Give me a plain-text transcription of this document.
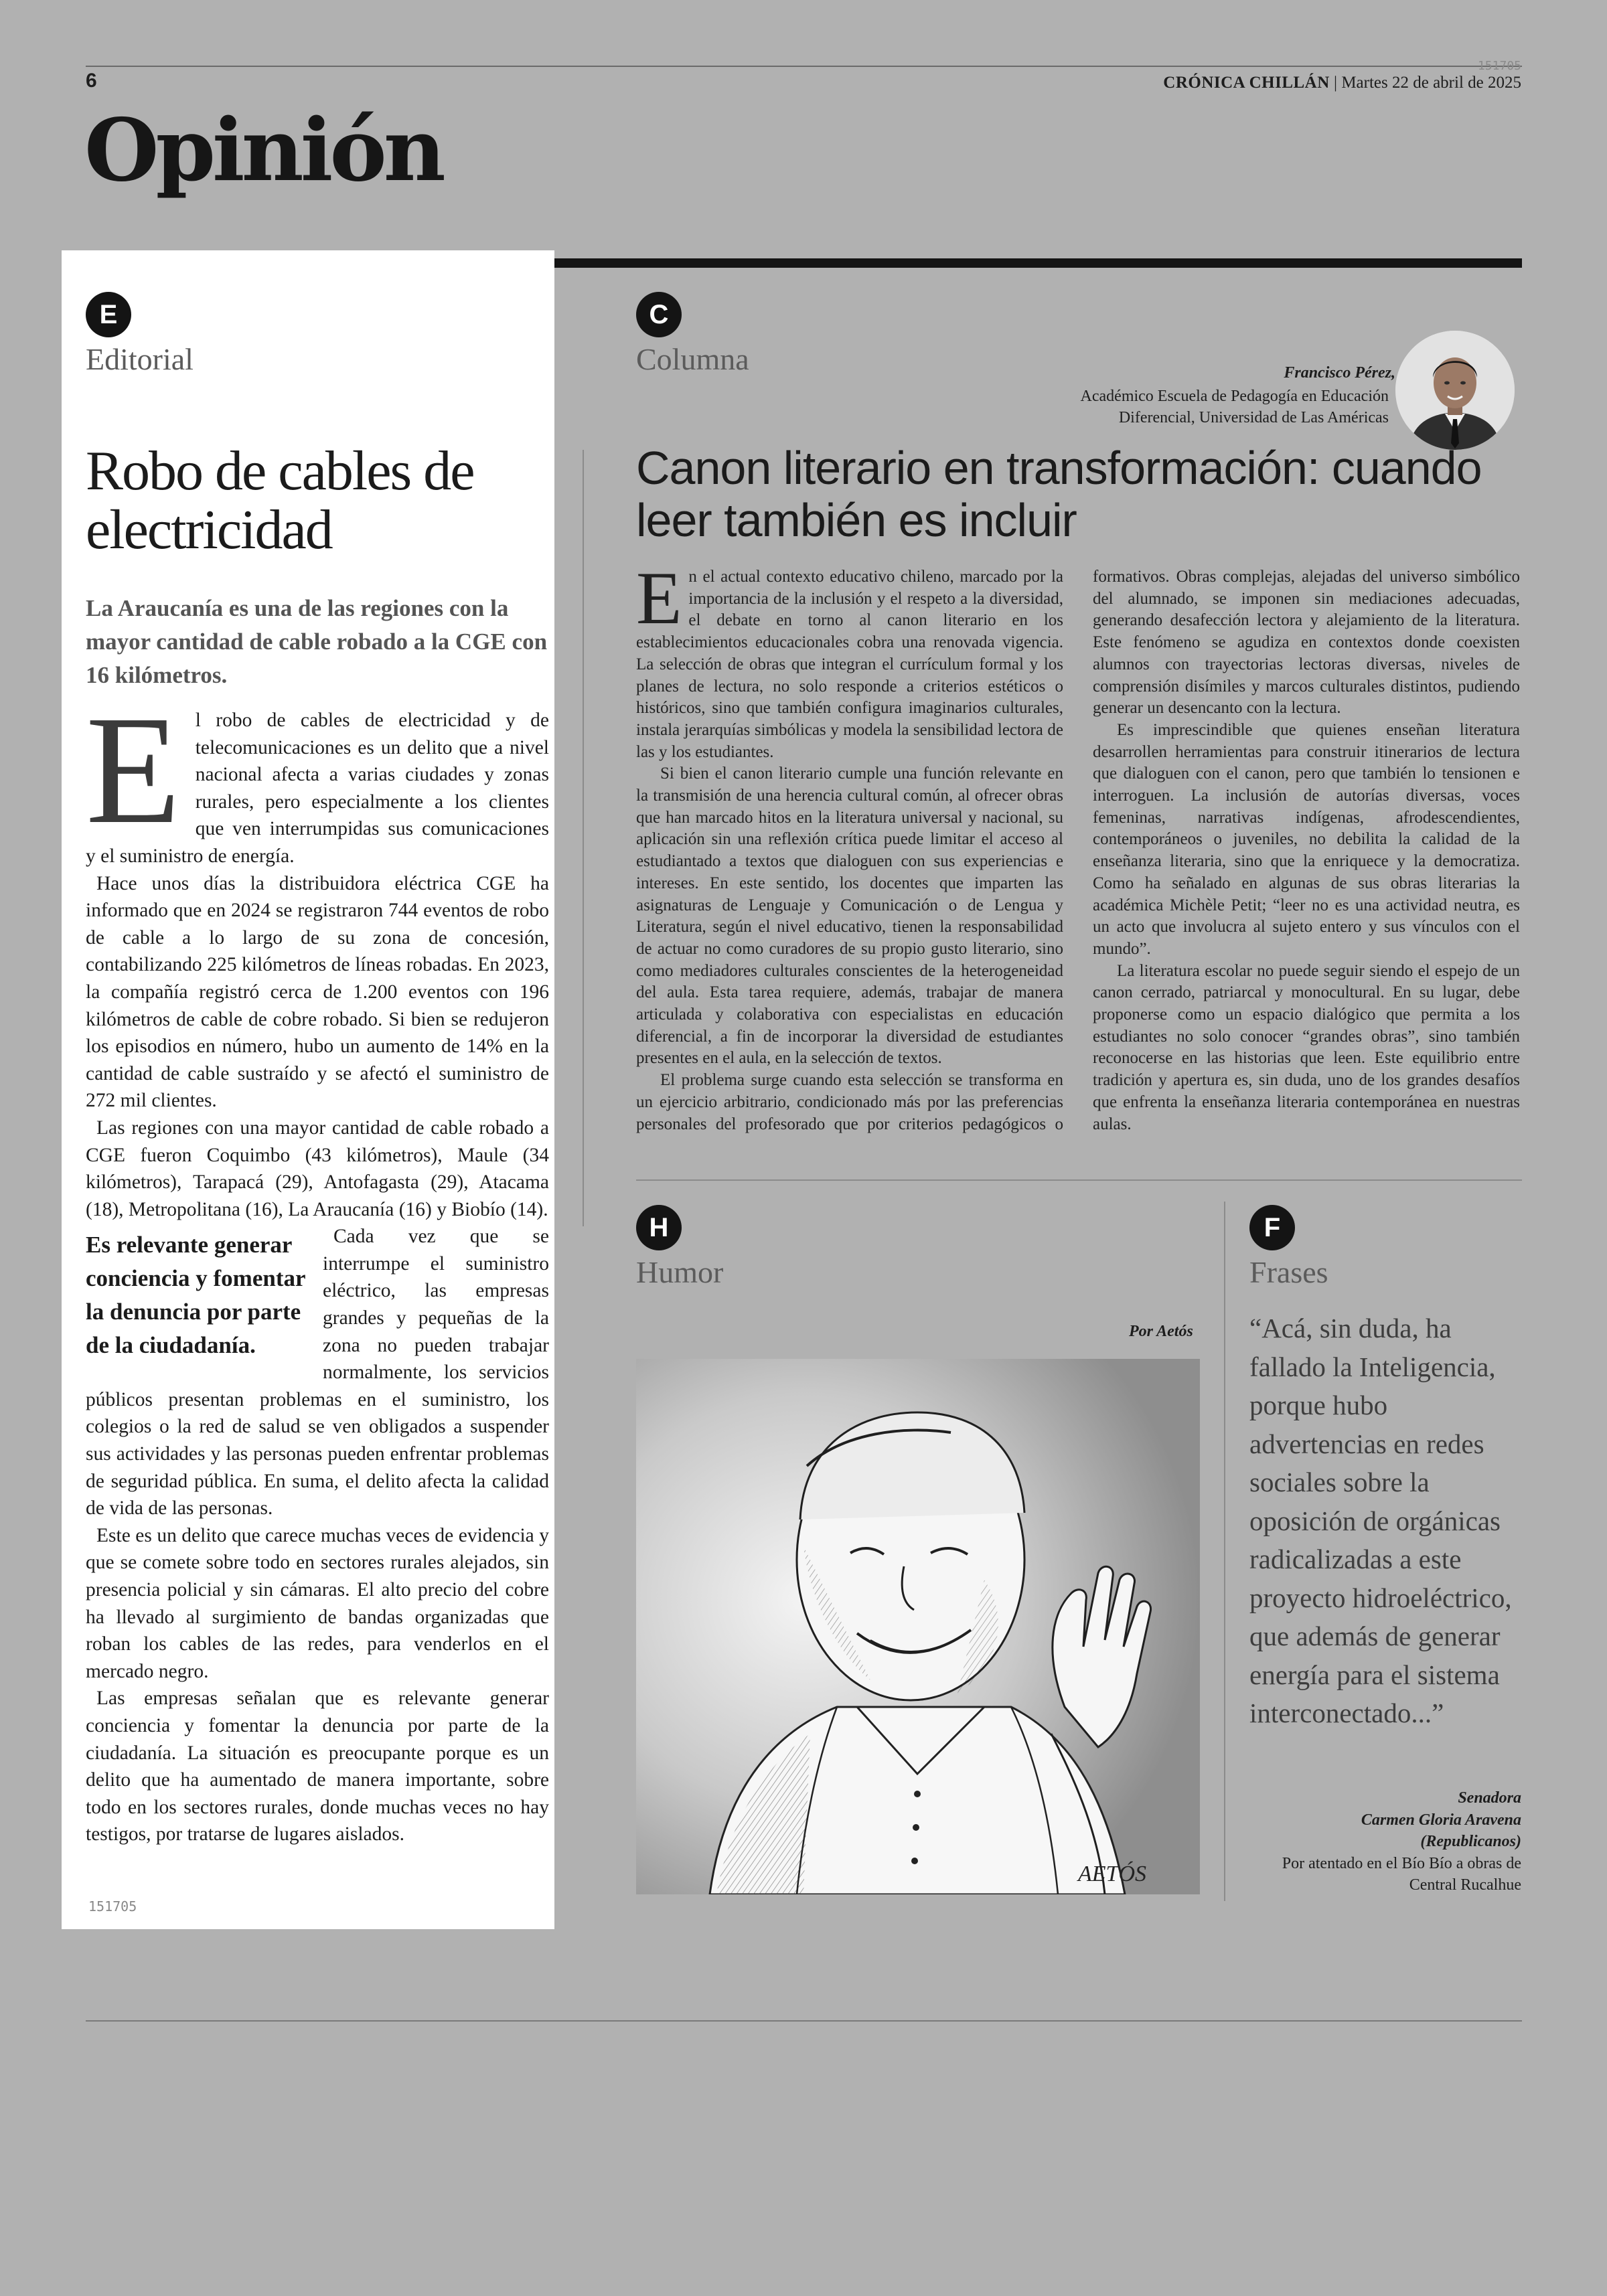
6
151705
CRÓNICA CHILLÁN | Martes 22 de abril de 2025
Opinión
E
Editorial
Robo de cables de electricidad
La Araucanía es una de las regiones con la mayor cantidad de cable robado a la CGE con 16 kilómetros.

El robo de cables de electricidad y de telecomunicaciones es un delito que a nivel nacional afecta a varias ciudades y zonas rurales, pero especialmente a los clientes que ven interrumpidas sus comunicaciones y el suministro de energía.

Hace unos días la distribuidora eléctrica CGE ha informado que en 2024 se registraron 744 eventos de robo de cable a lo largo de su zona de concesión, contabilizando 225 kilómetros de líneas robadas. En 2023, la compañía registró cerca de 1.200 eventos con 196 kilómetros de cable de cobre robado. Si bien se redujeron los episodios en número, hubo un aumento de 14% en la cantidad de cable sustraído y se afectó el suministro de 272 mil clientes.

Las regiones con una mayor cantidad de cable robado a CGE fueron Coquimbo (43 kilómetros), Maule (34 kilómetros), Tarapacá (29), Antofagasta (29), Atacama (18), Metropolitana (16), La Araucanía (16) y Biobío (14).

Es relevante generar conciencia y fomentar la denuncia por parte de la ciudadanía.
Cada vez que se interrumpe el suministro eléctrico, las empresas grandes y pequeñas de la zona no pueden trabajar normalmente, los servicios públicos presentan problemas en el suministro, los colegios o la red de salud se ven obligados a suspender sus actividades y las personas pueden enfrentar problemas de seguridad pública. En suma, el delito afecta la calidad de vida de las personas.

Este es un delito que carece muchas veces de evidencia y que se comete sobre todo en sectores rurales alejados, sin presencia policial y sin cámaras. El alto precio del cobre ha llevado al surgimiento de bandas organizadas que roban los cables de las redes, para venderlos en el mercado negro.

Las empresas señalan que es relevante generar conciencia y fomentar la denuncia por parte de la ciudadanía. La situación es preocupante porque es un delito que ha aumentado de manera importante, sobre todo en los sectores rurales, donde muchas veces no hay testigos, por tratarse de lugares aislados.

151705
C
Columna	Francisco Pérez,
Académico Escuela de Pedagogía en Educación Diferencial, Universidad de Las Américas
Canon literario en transformación: cuando leer también es incluir

En el actual contexto educativo chileno, marcado por la importancia de la inclusión y el respeto a la diversidad, el debate en torno al canon literario en los establecimientos educacionales cobra una renovada vigencia. La selección de obras que integran el currículum formal y los planes de lectura, no solo responde a criterios estéticos o históricos, sino que también configura imaginarios culturales, instala jerarquías simbólicas y modela la sensibilidad lectora de las y los estudiantes.

Si bien el canon literario cumple una función relevante en la transmisión de una herencia cultural común, al ofrecer obras que han marcado hitos en la literatura universal y nacional, su aplicación sin una reflexión crítica puede limitar el acceso al estudiantado a textos que dialoguen con sus experiencias e intereses. En este sentido, los docentes que imparten las asignaturas de Lenguaje y Comunicación o de Lengua y Literatura, según el nivel educativo, tienen la responsabilidad de actuar no como curadores de su propio gusto literario, sino como mediadores culturales conscientes de la heterogeneidad del aula. Esta tarea requiere, además, trabajar de manera articulada y colaborativa con especialistas en educación diferencial, a fin de incorporar la diversidad de estudiantes presentes en el aula, en la selección de textos.

El problema surge cuando esta selección se transforma en un ejercicio arbitrario, condicionado más por las preferencias personales del profesorado que por criterios pedagógicos o formativos. Obras complejas, alejadas del universo simbólico del alumnado, se imponen sin mediaciones adecuadas, generando desafección lectora y alejamiento de la literatura. Este fenómeno se agudiza en contextos donde coexisten alumnos con trayectorias lectoras diversas, niveles de comprensión disímiles y marcos culturales distintos, pudiendo generar un desencanto con la lectura.

Es imprescindible que quienes enseñan literatura desarrollen herramientas para construir itinerarios de lectura que dialoguen con el canon, pero que también lo tensionen e interroguen. La inclusión de autorías diversas, voces femeninas, narrativas indígenas, afrodescendientes, contemporáneos o juveniles, no debilita la calidad de la enseñanza literaria, sino que la enriquece y la democratiza. Como ha señalado en algunas de sus obras literarias la académica Michèle Petit; “leer no es una actividad neutra, es un acto que involucra al sujeto entero y sus vínculos con el mundo”.

La literatura escolar no puede seguir siendo el espejo de un canon cerrado, patriarcal y monocultural. En su lugar, debe proponerse como un espacio dialógico que permita a los estudiantes no solo conocer “grandes obras”, sino también reconocerse en las historias que leen. Este equilibrio entre tradición y apertura es, sin duda, uno de los grandes desafíos que enfrenta la enseñanza literaria contemporánea en nuestras aulas.

H
Humor
Por Aetós
AETÓS
F
Frases
“Acá, sin duda, ha fallado la Inteligencia, porque hubo advertencias en redes sociales sobre la oposición de orgánicas radicalizadas a este proyecto hidroeléctrico, que además de generar energía para el sistema interconectado...”
Senadora
Carmen Gloria Aravena
(Republicanos)
Por atentado en el Bío Bío a obras de Central Rucalhue
